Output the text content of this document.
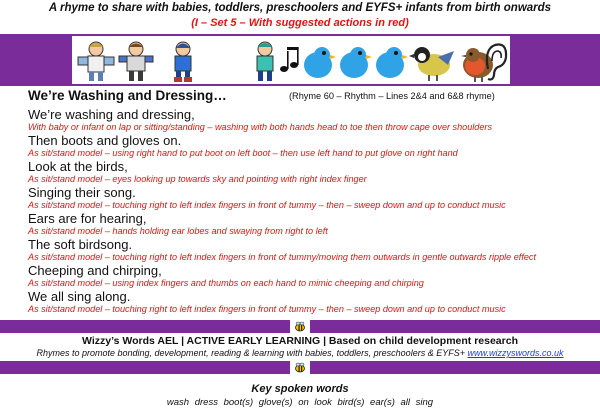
A rhyme to share with babies, toddlers, preschoolers and EYFS+ infants from birth onwards
(I – Set 5 – With suggested actions in red)
We’re Washing and Dressing…	(Rhyme 60 – Rhythm – Lines 2&4 and 6&8 rhyme)
We’re washing and dressing,
With baby or infant on lap or sitting/standing – washing with both hands head to toe then throw cape over shoulders
Then boots and gloves on.
As sit/stand model – using right hand to put boot on left boot – then use left hand to put glove on right hand
Look at the birds,
As sit/stand model – eyes looking up towards sky and pointing with right index finger
Singing their song.
As sit/stand model – touching right to left index fingers in front of tummy – then – sweep down and up to conduct music
Ears are for hearing,
As sit/stand model – hands holding ear lobes and swaying from right to left
The soft birdsong.
As sit/stand model – touching right to left index fingers in front of tummy/moving them outwards in gentle outwards ripple effect
Cheeping and chirping,
As sit/stand model – using index fingers and thumbs on each hand to mimic cheeping and chirping
We all sing along.
As sit/stand model – touching right to left index fingers in front of tummy – then – sweep down and up to conduct music
Wizzy’s Words AEL | ACTIVE EARLY LEARNING | Based on child development research
Rhymes to promote bonding, development, reading & learning with babies, toddlers, preschoolers & EYFS+ www.wizzyswords.co.uk
Key spoken words
wash dress boot(s) glove(s) on look bird(s) ear(s) all sing
